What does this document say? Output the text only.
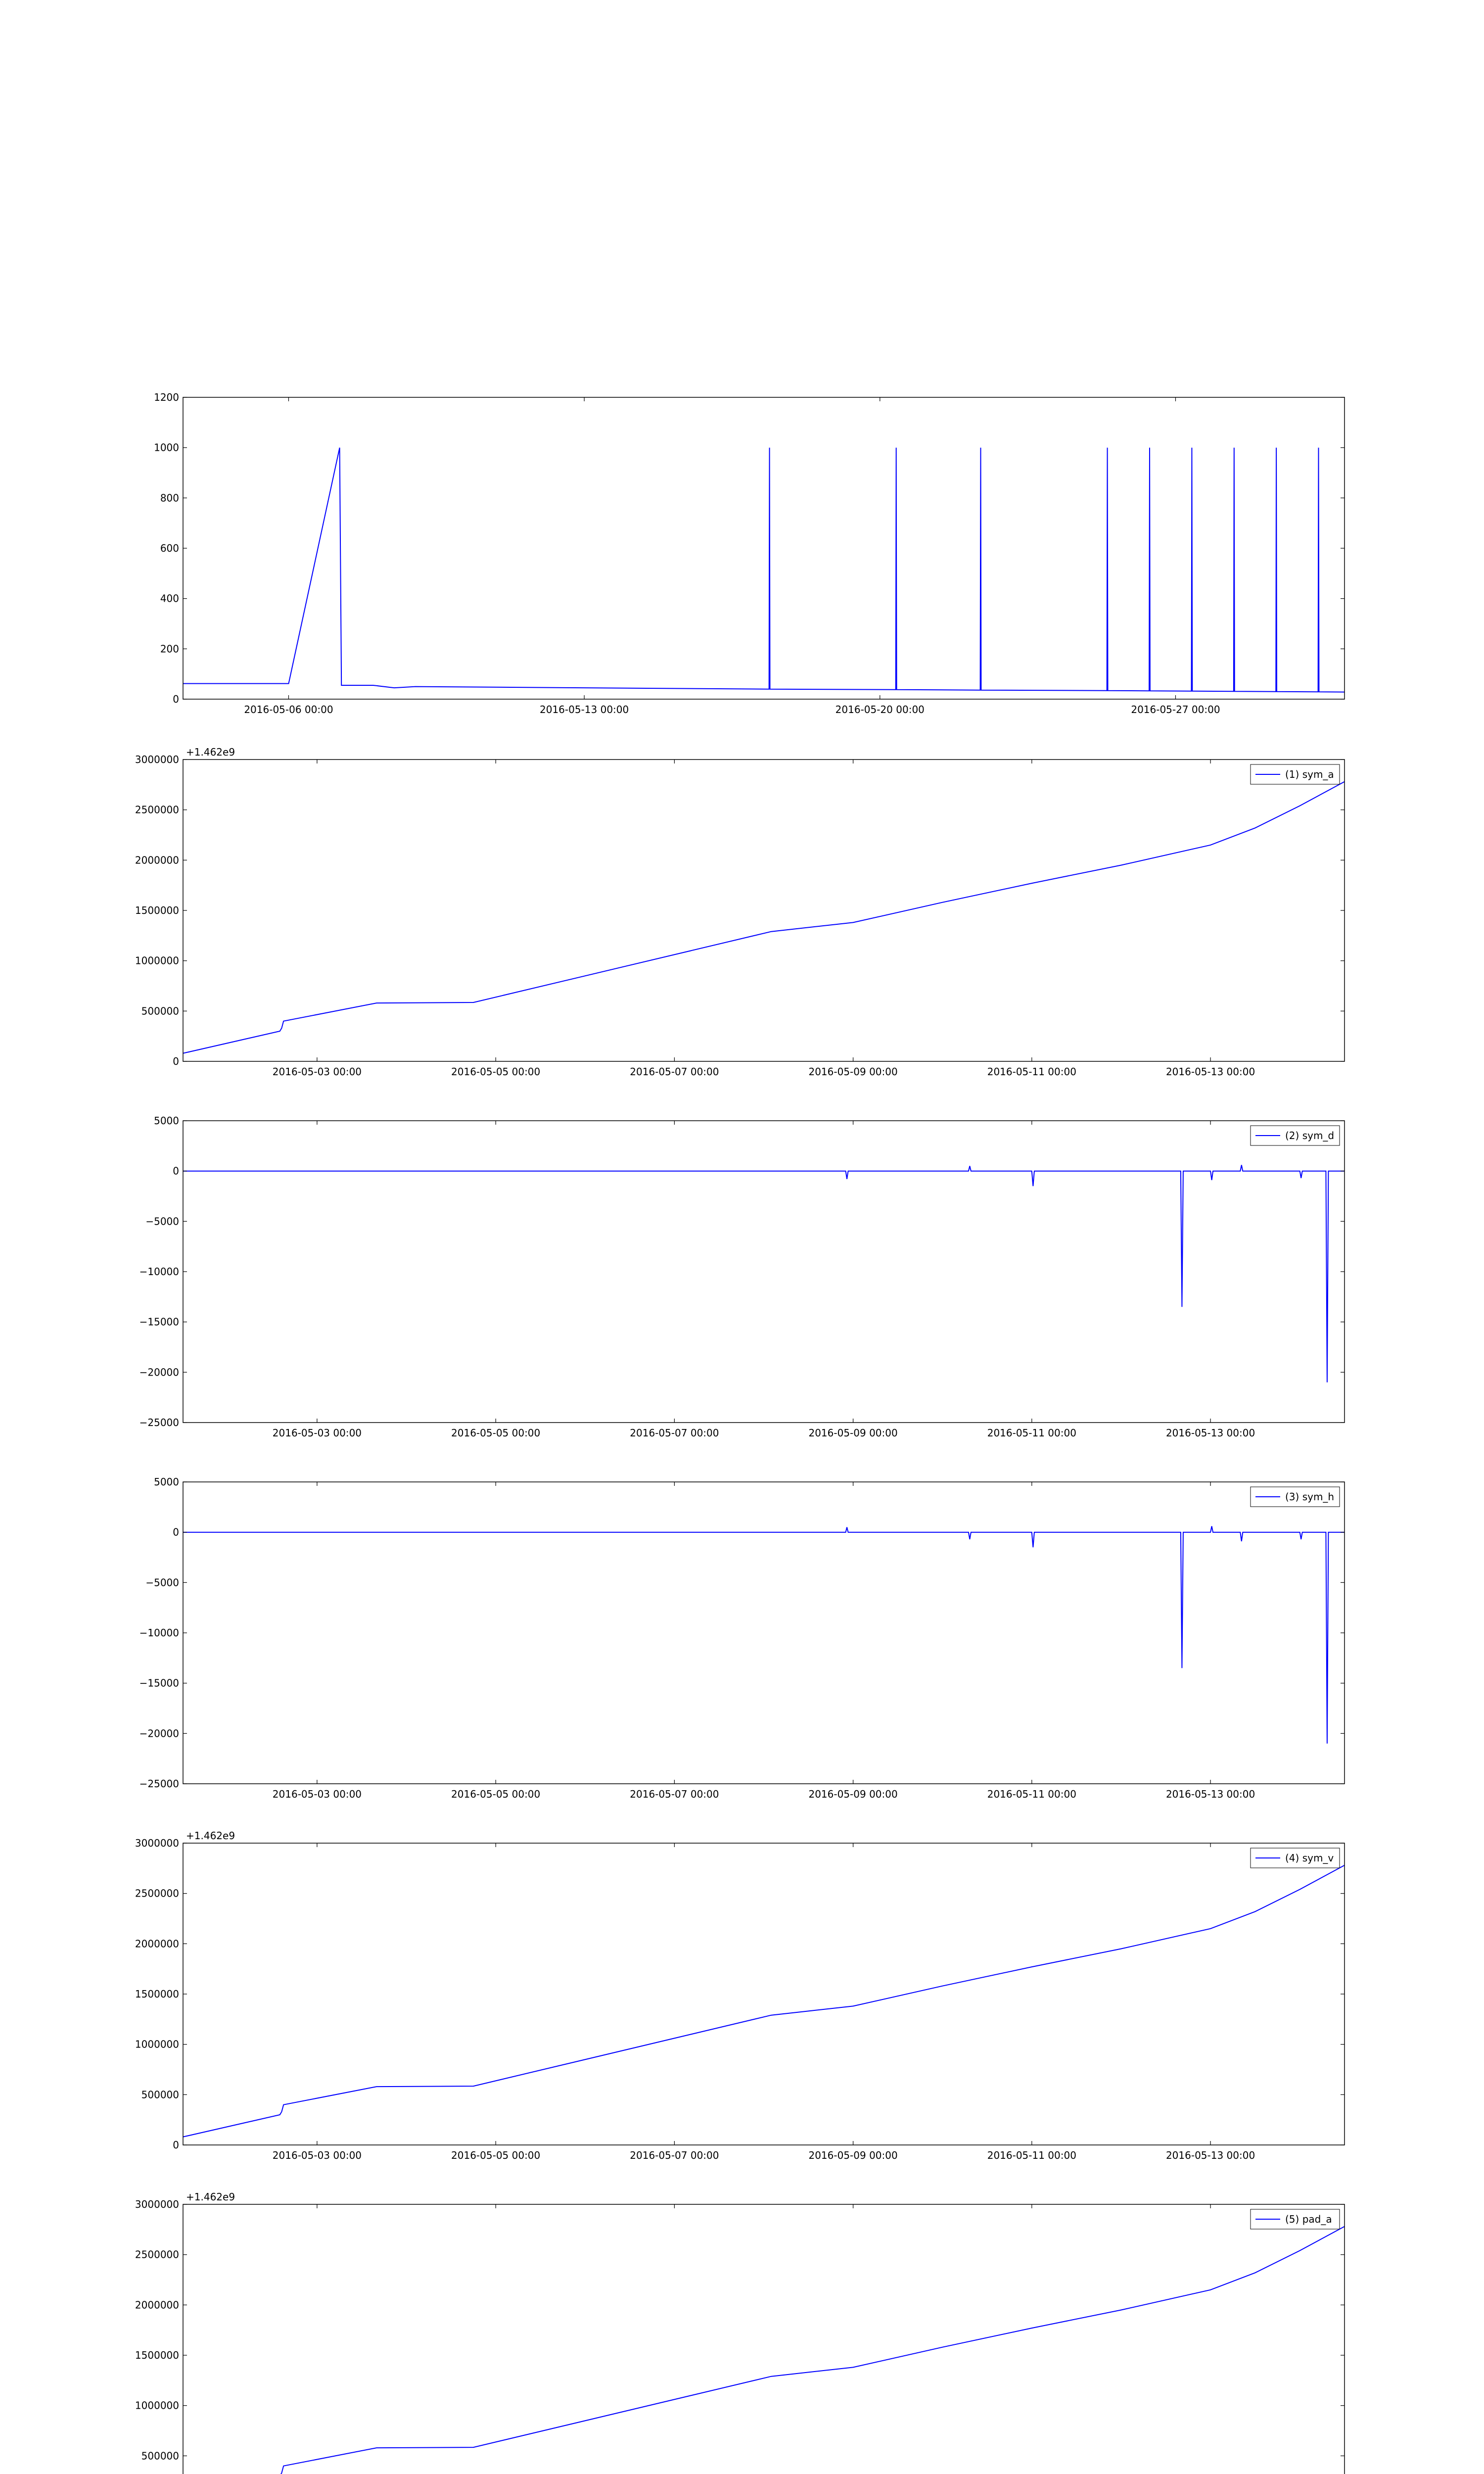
0
200
400
600
800
1000
1200
2016-05-06 00:00	2016-05-13 00:00	2016-05-20 00:00	2016-05-27 00:00
0
500000
1000000
1500000
2000000
2500000
3000000
2016-05-03 00:00	2016-05-05 00:00	2016-05-07 00:00	2016-05-09 00:00	2016-05-11 00:00	2016-05-13 00:00
+1.462e9
(1) sym_a
−25000
−20000
−15000
−10000
−5000
0
5000
2016-05-03 00:00	2016-05-05 00:00	2016-05-07 00:00	2016-05-09 00:00	2016-05-11 00:00	2016-05-13 00:00
(2) sym_d
−25000
−20000
−15000
−10000
−5000
0
5000
2016-05-03 00:00	2016-05-05 00:00	2016-05-07 00:00	2016-05-09 00:00	2016-05-11 00:00	2016-05-13 00:00
(3) sym_h
0
500000
1000000
1500000
2000000
2500000
3000000
2016-05-03 00:00	2016-05-05 00:00	2016-05-07 00:00	2016-05-09 00:00	2016-05-11 00:00	2016-05-13 00:00
+1.462e9
(4) sym_v
500000
1000000
1500000
2000000
2500000
3000000
+1.462e9
(5) pad_a
